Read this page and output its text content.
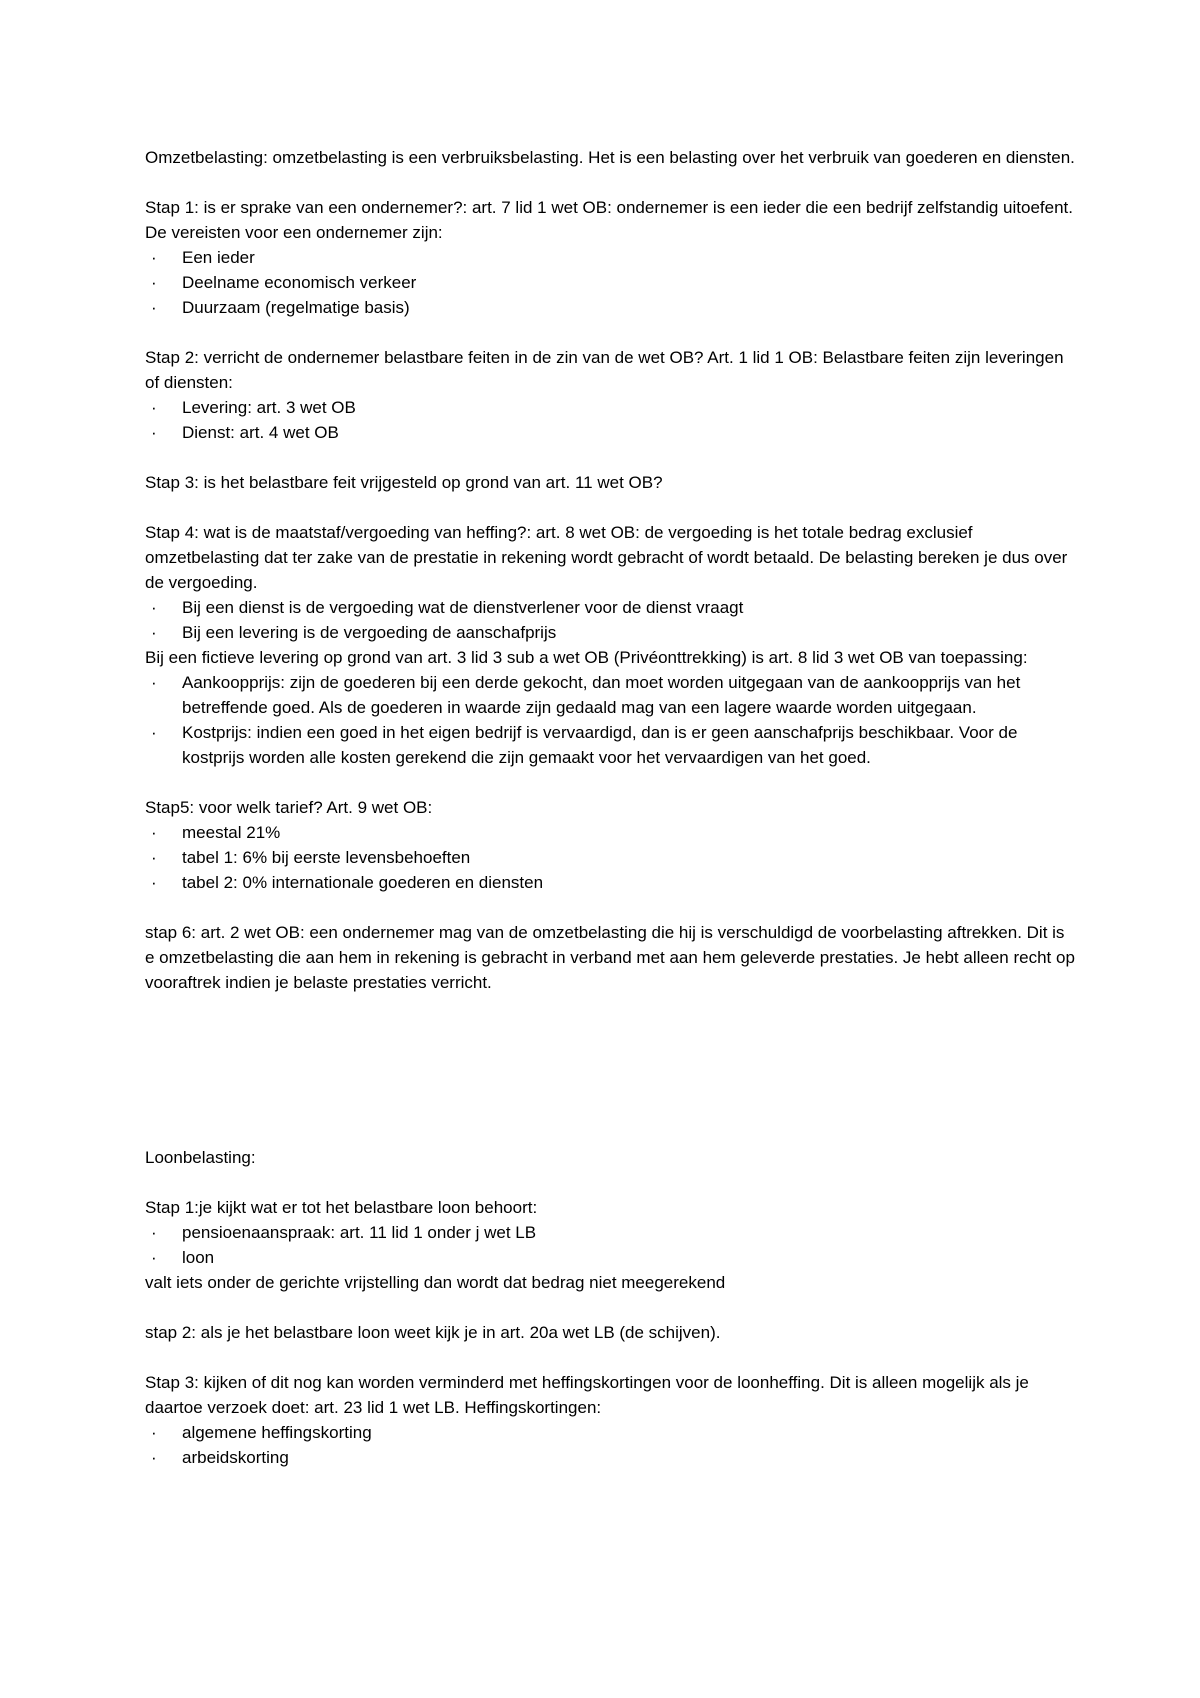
Omzetbelasting: omzetbelasting is een verbruiksbelasting. Het is een belasting over het verbruik van goederen en diensten.

Stap 1: is er sprake van een ondernemer?: art. 7 lid 1 wet OB: ondernemer is een ieder die een bedrijf zelfstandig uitoefent. De vereisten voor een ondernemer zijn:

· Een ieder
· Deelname economisch verkeer
· Duurzaam (regelmatige basis)

Stap 2: verricht de ondernemer belastbare feiten in de zin van de wet OB? Art. 1 lid 1 OB: Belastbare feiten zijn leveringen of diensten:

· Levering: art. 3 wet OB
· Dienst: art. 4 wet OB

Stap 3: is het belastbare feit vrijgesteld op grond van art. 11 wet OB?

Stap 4: wat is de maatstaf/vergoeding van heffing?: art. 8 wet OB: de vergoeding is het totale bedrag exclusief omzetbelasting dat ter zake van de prestatie in rekening wordt gebracht of wordt betaald. De belasting bereken je dus over de vergoeding.

· Bij een dienst is de vergoeding wat de dienstverlener voor de dienst vraagt
· Bij een levering is de vergoeding de aanschafprijs

Bij een fictieve levering op grond van art. 3 lid 3 sub a wet OB (Privéonttrekking) is art. 8 lid 3 wet OB van toepassing:

· Aankoopprijs: zijn de goederen bij een derde gekocht, dan moet worden uitgegaan van de aankoopprijs van het betreffende goed. Als de goederen in waarde zijn gedaald mag van een lagere waarde worden uitgegaan.
· Kostprijs: indien een goed in het eigen bedrijf is vervaardigd, dan is er geen aanschafprijs beschikbaar. Voor de kostprijs worden alle kosten gerekend die zijn gemaakt voor het vervaardigen van het goed.

Stap5: voor welk tarief? Art. 9 wet OB:

· meestal 21%
· tabel 1: 6% bij eerste levensbehoeften
· tabel 2: 0% internationale goederen en diensten

stap 6: art. 2 wet OB: een ondernemer mag van de omzetbelasting die hij is verschuldigd de voorbelasting aftrekken. Dit is e omzetbelasting die aan hem in rekening is gebracht in verband met aan hem geleverde prestaties. Je hebt alleen recht op vooraftrek indien je belaste prestaties verricht.

Loonbelasting:

Stap 1:je kijkt wat er tot het belastbare loon behoort:

· pensioenaanspraak: art. 11 lid 1 onder j wet LB
· loon

valt iets onder de gerichte vrijstelling dan wordt dat bedrag niet meegerekend

stap 2: als je het belastbare loon weet kijk je in art. 20a wet LB (de schijven).

Stap 3: kijken of dit nog kan worden verminderd met heffingskortingen voor de loonheffing. Dit is alleen mogelijk als je daartoe verzoek doet: art. 23 lid 1 wet LB. Heffingskortingen:

· algemene heffingskorting
· arbeidskorting
